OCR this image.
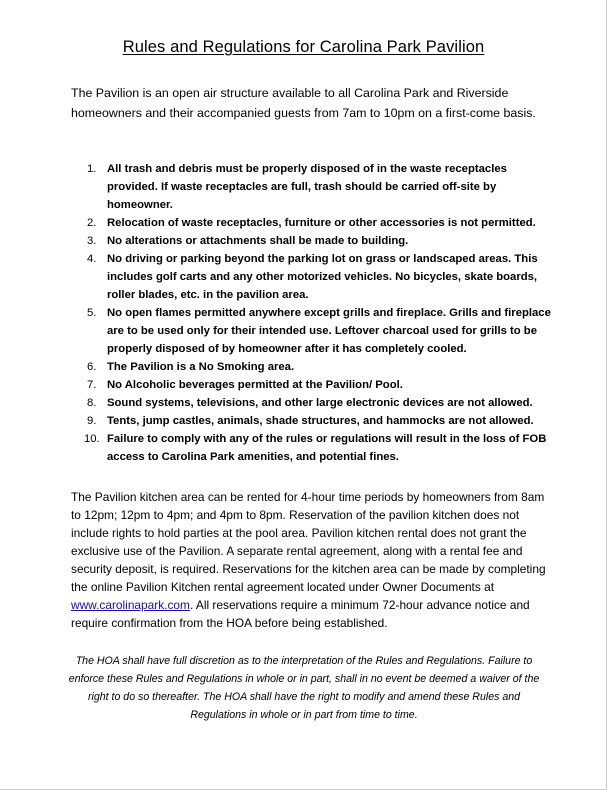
Rules and Regulations for Carolina Park Pavilion

The Pavilion is an open air structure available to all Carolina Park and Riverside homeowners and their accompanied guests from 7am to 10pm on a first-come basis.

1. All trash and debris must be properly disposed of in the waste receptacles provided. If waste receptacles are full, trash should be carried off-site by homeowner.
2. Relocation of waste receptacles, furniture or other accessories is not permitted.
3. No alterations or attachments shall be made to building.
4. No driving or parking beyond the parking lot on grass or landscaped areas. This includes golf carts and any other motorized vehicles. No bicycles, skate boards, roller blades, etc. in the pavilion area.
5. No open flames permitted anywhere except grills and fireplace. Grills and fireplace are to be used only for their intended use. Leftover charcoal used for grills to be properly disposed of by homeowner after it has completely cooled.
6. The Pavilion is a No Smoking area.
7. No Alcoholic beverages permitted at the Pavilion/ Pool.
8. Sound systems, televisions, and other large electronic devices are not allowed.
9. Tents, jump castles, animals, shade structures, and hammocks are not allowed.
10. Failure to comply with any of the rules or regulations will result in the loss of FOB access to Carolina Park amenities, and potential fines.

The Pavilion kitchen area can be rented for 4-hour time periods by homeowners from 8am to 12pm; 12pm to 4pm; and 4pm to 8pm. Reservation of the pavilion kitchen does not include rights to hold parties at the pool area. Pavilion kitchen rental does not grant the exclusive use of the Pavilion. A separate rental agreement, along with a rental fee and security deposit, is required. Reservations for the kitchen area can be made by completing the online Pavilion Kitchen rental agreement located under Owner Documents at www.carolinapark.com. All reservations require a minimum 72-hour advance notice and require confirmation from the HOA before being established.

The HOA shall have full discretion as to the interpretation of the Rules and Regulations. Failure to enforce these Rules and Regulations in whole or in part, shall in no event be deemed a waiver of the right to do so thereafter. The HOA shall have the right to modify and amend these Rules and Regulations in whole or in part from time to time.
